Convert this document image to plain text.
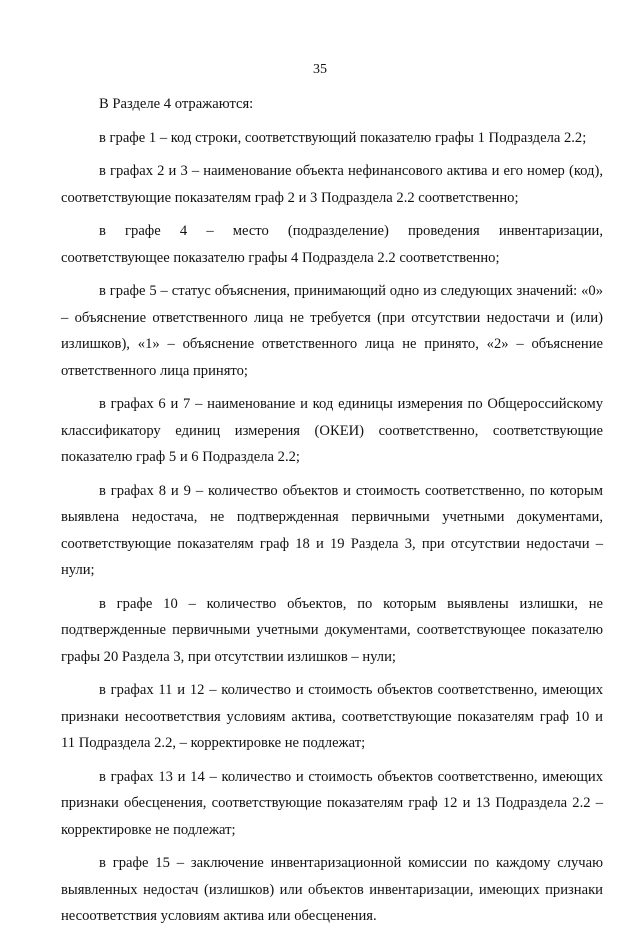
35

В Разделе 4 отражаются:

в графе 1 – код строки, соответствующий показателю графы 1 Подраздела 2.2;

в графах 2 и 3 – наименование объекта нефинансового актива и его номер (код), соответствующие показателям граф 2 и 3 Подраздела 2.2 соответственно;

в графе 4 – место (подразделение) проведения инвентаризации, соответствующее показателю графы 4 Подраздела 2.2 соответственно;

в графе 5 – статус объяснения, принимающий одно из следующих значений: «0» – объяснение ответственного лица не требуется (при отсутствии недостачи и (или) излишков), «1» – объяснение ответственного лица не принято, «2» – объяснение ответственного лица принято;

в графах 6 и 7 – наименование и код единицы измерения по Общероссийскому классификатору единиц измерения (ОКЕИ) соответственно, соответствующие показателю граф 5 и 6 Подраздела 2.2;

в графах 8 и 9 – количество объектов и стоимость соответственно, по которым выявлена недостача, не подтвержденная первичными учетными документами, соответствующие показателям граф 18 и 19 Раздела 3, при отсутствии недостачи – нули;

в графе 10 – количество объектов, по которым выявлены излишки, не подтвержденные первичными учетными документами, соответствующее показателю графы 20 Раздела 3, при отсутствии излишков – нули;

в графах 11 и 12 – количество и стоимость объектов соответственно, имеющих признаки несоответствия условиям актива, соответствующие показателям граф 10 и 11 Подраздела 2.2, – корректировке не подлежат;

в графах 13 и 14 – количество и стоимость объектов соответственно, имеющих признаки обесценения, соответствующие показателям граф 12 и 13 Подраздела 2.2 – корректировке не подлежат;

в графе 15 – заключение инвентаризационной комиссии по каждому случаю выявленных недостач (излишков) или объектов инвентаризации, имеющих признаки несоответствия условиям актива или обесценения.
